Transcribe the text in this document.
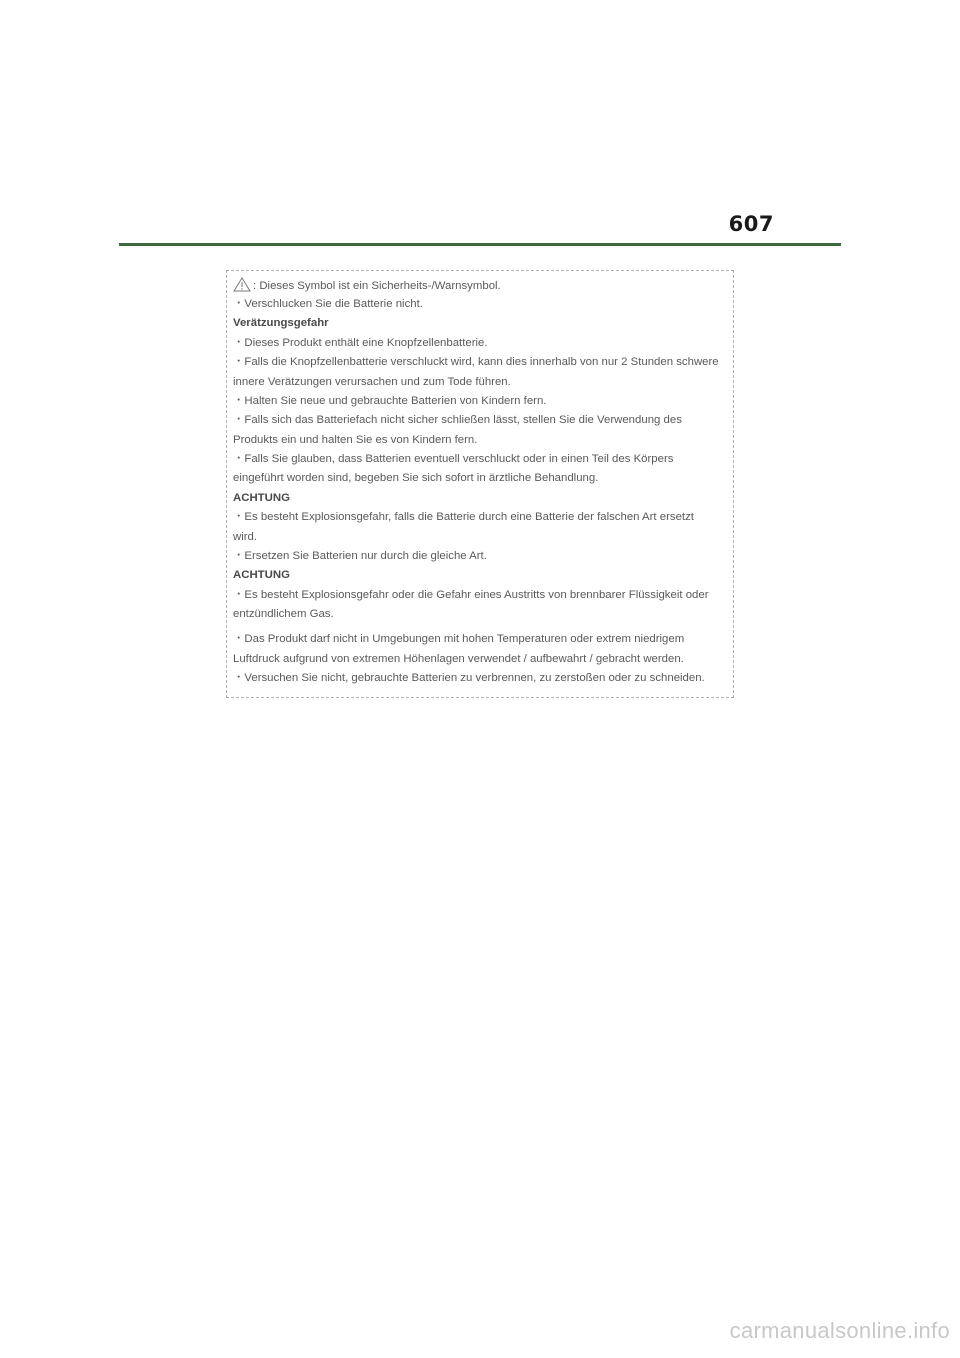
607
: Dieses Symbol ist ein Sicherheits-/Warnsymbol.
・Verschlucken Sie die Batterie nicht.
Verätzungsgefahr
・Dieses Produkt enthält eine Knopfzellenbatterie.
・Falls die Knopfzellenbatterie verschluckt wird, kann dies innerhalb von nur 2 Stunden schwere
innere Verätzungen verursachen und zum Tode führen.
・Halten Sie neue und gebrauchte Batterien von Kindern fern.
・Falls sich das Batteriefach nicht sicher schließen lässt, stellen Sie die Verwendung des
Produkts ein und halten Sie es von Kindern fern.
・Falls Sie glauben, dass Batterien eventuell verschluckt oder in einen Teil des Körpers
eingeführt worden sind, begeben Sie sich sofort in ärztliche Behandlung.
ACHTUNG
・Es besteht Explosionsgefahr, falls die Batterie durch eine Batterie der falschen Art ersetzt
wird.
・Ersetzen Sie Batterien nur durch die gleiche Art.
ACHTUNG
・Es besteht Explosionsgefahr oder die Gefahr eines Austritts von brennbarer Flüssigkeit oder
entzündlichem Gas.
・Das Produkt darf nicht in Umgebungen mit hohen Temperaturen oder extrem niedrigem
Luftdruck aufgrund von extremen Höhenlagen verwendet / aufbewahrt / gebracht werden.
・Versuchen Sie nicht, gebrauchte Batterien zu verbrennen, zu zerstoßen oder zu schneiden.
carmanualsonline.info
